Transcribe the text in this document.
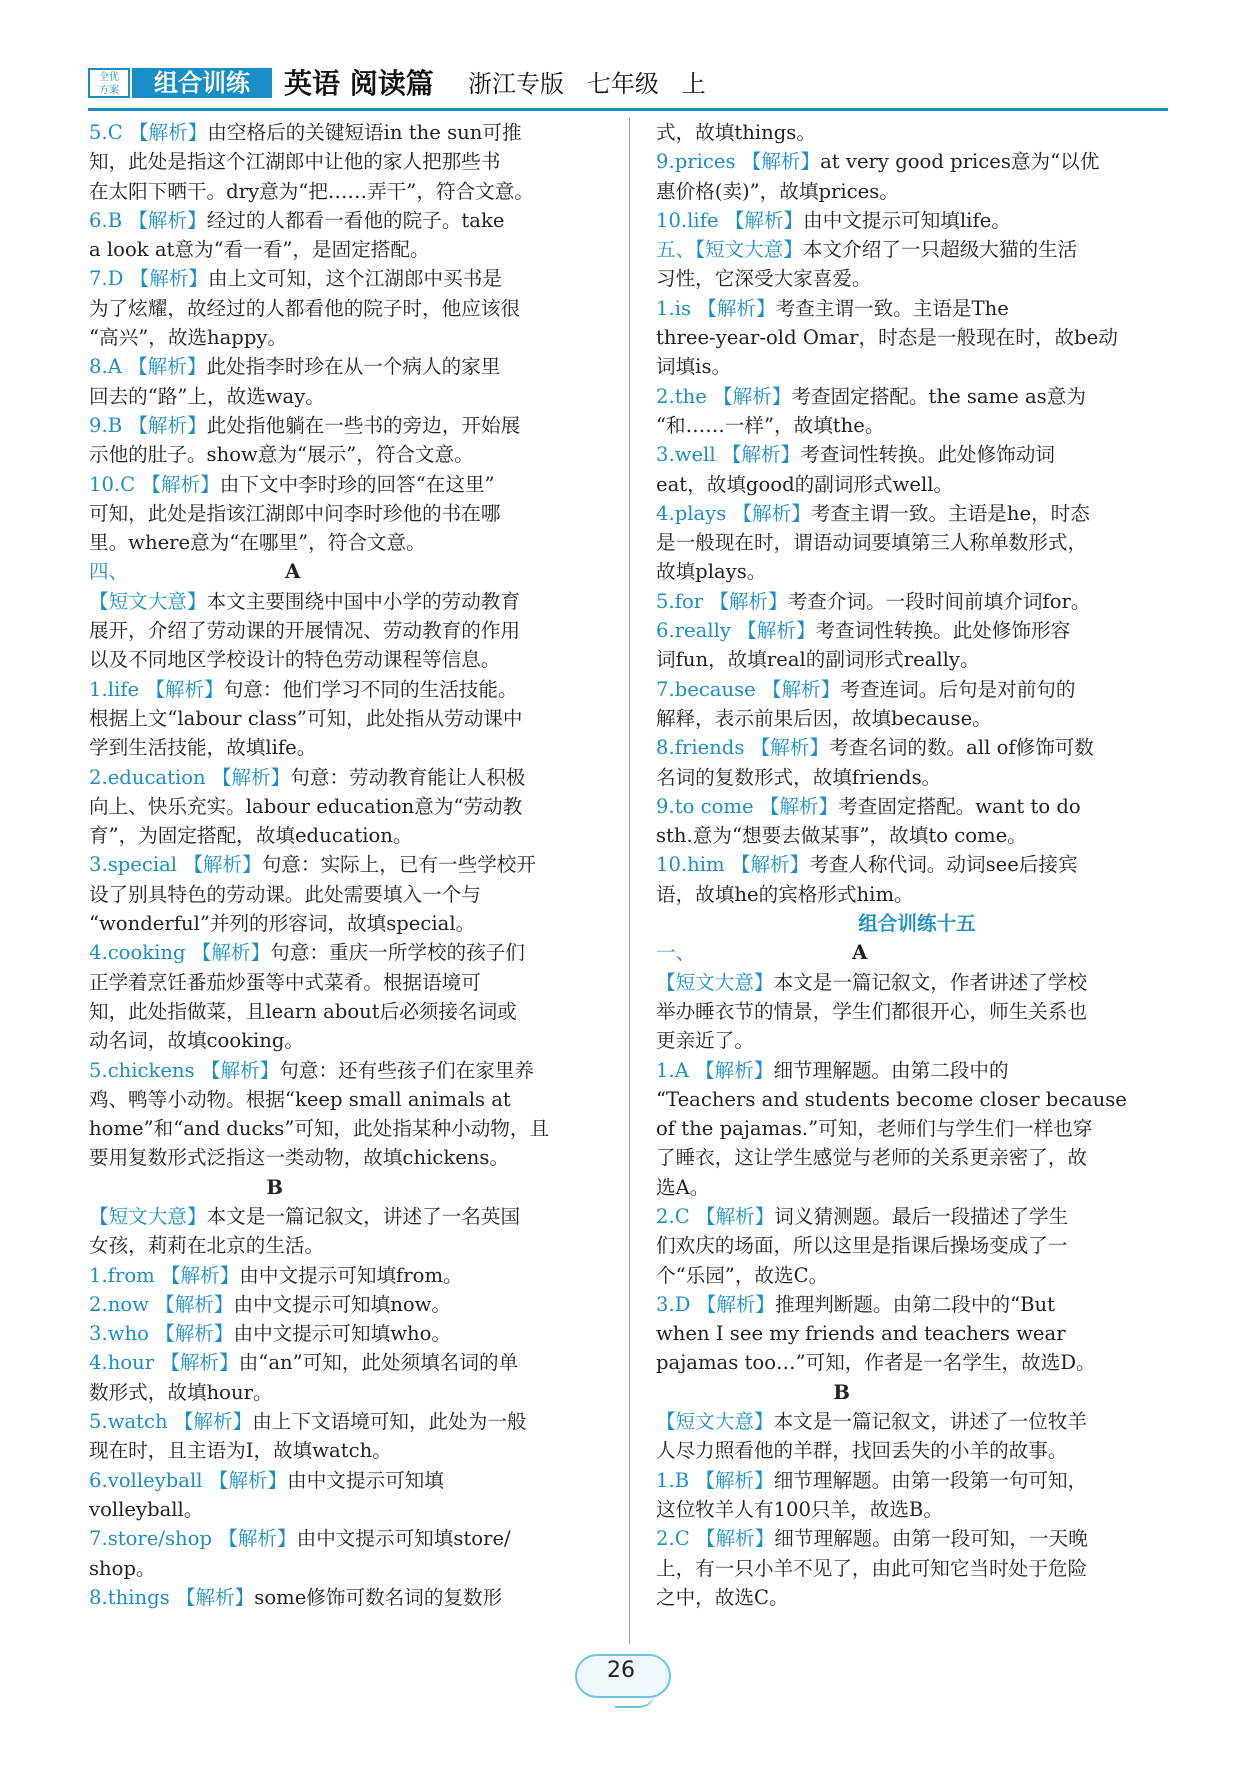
全优
方案	组合训练	英语 阅读篇 浙江专版   七年级   上
5.C 【解析】由空格后的关键短语in the sun可推
知，此处是指这个江湖郎中让他的家人把那些书
在太阳下晒干。dry意为“把……弄干”，符合文意。
6.B 【解析】经过的人都看一看他的院子。take
a look at意为“看一看”，是固定搭配。
7.D 【解析】由上文可知，这个江湖郎中买书是
为了炫耀，故经过的人都看他的院子时，他应该很
“高兴”，故选happy。
8.A 【解析】此处指李时珍在从一个病人的家里
回去的“路”上，故选way。
9.B 【解析】此处指他躺在一些书的旁边，开始展
示他的肚子。show意为“展示”，符合文意。
10.C 【解析】由下文中李时珍的回答“在这里”
可知，此处是指该江湖郎中问李时珍他的书在哪
里。where意为“在哪里”，符合文意。
四、                       A
【短文大意】本文主要围绕中国中小学的劳动教育
展开，介绍了劳动课的开展情况、劳动教育的作用
以及不同地区学校设计的特色劳动课程等信息。
1.life 【解析】句意：他们学习不同的生活技能。
根据上文“labour class”可知，此处指从劳动课中
学到生活技能，故填life。
2.education 【解析】句意：劳动教育能让人积极
向上、快乐充实。labour education意为“劳动教
育”，为固定搭配，故填education。
3.special 【解析】句意：实际上，已有一些学校开
设了别具特色的劳动课。此处需要填入一个与
“wonderful”并列的形容词，故填special。
4.cooking 【解析】句意：重庆一所学校的孩子们
正学着烹饪番茄炒蛋等中式菜肴。根据语境可
知，此处指做菜，且learn about后必须接名词或
动名词，故填cooking。
5.chickens 【解析】句意：还有些孩子们在家里养
鸡、鸭等小动物。根据“keep small animals at
home”和“and ducks”可知，此处指某种小动物，且
要用复数形式泛指这一类动物，故填chickens。
B
【短文大意】本文是一篇记叙文，讲述了一名英国
女孩，莉莉在北京的生活。
1.from 【解析】由中文提示可知填from。
2.now 【解析】由中文提示可知填now。
3.who 【解析】由中文提示可知填who。
4.hour 【解析】由“an”可知，此处须填名词的单
数形式，故填hour。
5.watch 【解析】由上下文语境可知，此处为一般
现在时，且主语为I，故填watch。
6.volleyball 【解析】由中文提示可知填
volleyball。
7.store/shop 【解析】由中文提示可知填store/
shop。
8.things 【解析】some修饰可数名词的复数形
式，故填things。
9.prices 【解析】at very good prices意为“以优
惠价格(卖)”，故填prices。
10.life 【解析】由中文提示可知填life。
五、【短文大意】本文介绍了一只超级大猫的生活
习性，它深受大家喜爱。
1.is 【解析】考查主谓一致。主语是The
three-year-old Omar，时态是一般现在时，故be动
词填is。
2.the 【解析】考查固定搭配。the same as意为
“和……一样”，故填the。
3.well 【解析】考查词性转换。此处修饰动词
eat，故填good的副词形式well。
4.plays 【解析】考查主谓一致。主语是he，时态
是一般现在时，谓语动词要填第三人称单数形式，
故填plays。
5.for 【解析】考查介词。一段时间前填介词for。
6.really 【解析】考查词性转换。此处修饰形容
词fun，故填real的副词形式really。
7.because 【解析】考查连词。后句是对前句的
解释，表示前果后因，故填because。
8.friends 【解析】考查名词的数。all of修饰可数
名词的复数形式，故填friends。
9.to come 【解析】考查固定搭配。want to do
sth.意为“想要去做某事”，故填to come。
10.him 【解析】考查人称代词。动词see后接宾
语，故填he的宾格形式him。
组合训练十五
一、                       A
【短文大意】本文是一篇记叙文，作者讲述了学校
举办睡衣节的情景，学生们都很开心，师生关系也
更亲近了。
1.A 【解析】细节理解题。由第二段中的
“Teachers and students become closer because
of the pajamas.”可知，老师们与学生们一样也穿
了睡衣，这让学生感觉与老师的关系更亲密了，故
选A。
2.C 【解析】词义猜测题。最后一段描述了学生
们欢庆的场面，所以这里是指课后操场变成了一
个“乐园”，故选C。
3.D 【解析】推理判断题。由第二段中的“But
when I see my friends and teachers wear
pajamas too…”可知，作者是一名学生，故选D。
B
【短文大意】本文是一篇记叙文，讲述了一位牧羊
人尽力照看他的羊群，找回丢失的小羊的故事。
1.B 【解析】细节理解题。由第一段第一句可知，
这位牧羊人有100只羊，故选B。
2.C 【解析】细节理解题。由第一段可知，一天晚
上，有一只小羊不见了，由此可知它当时处于危险
之中，故选C。
26
